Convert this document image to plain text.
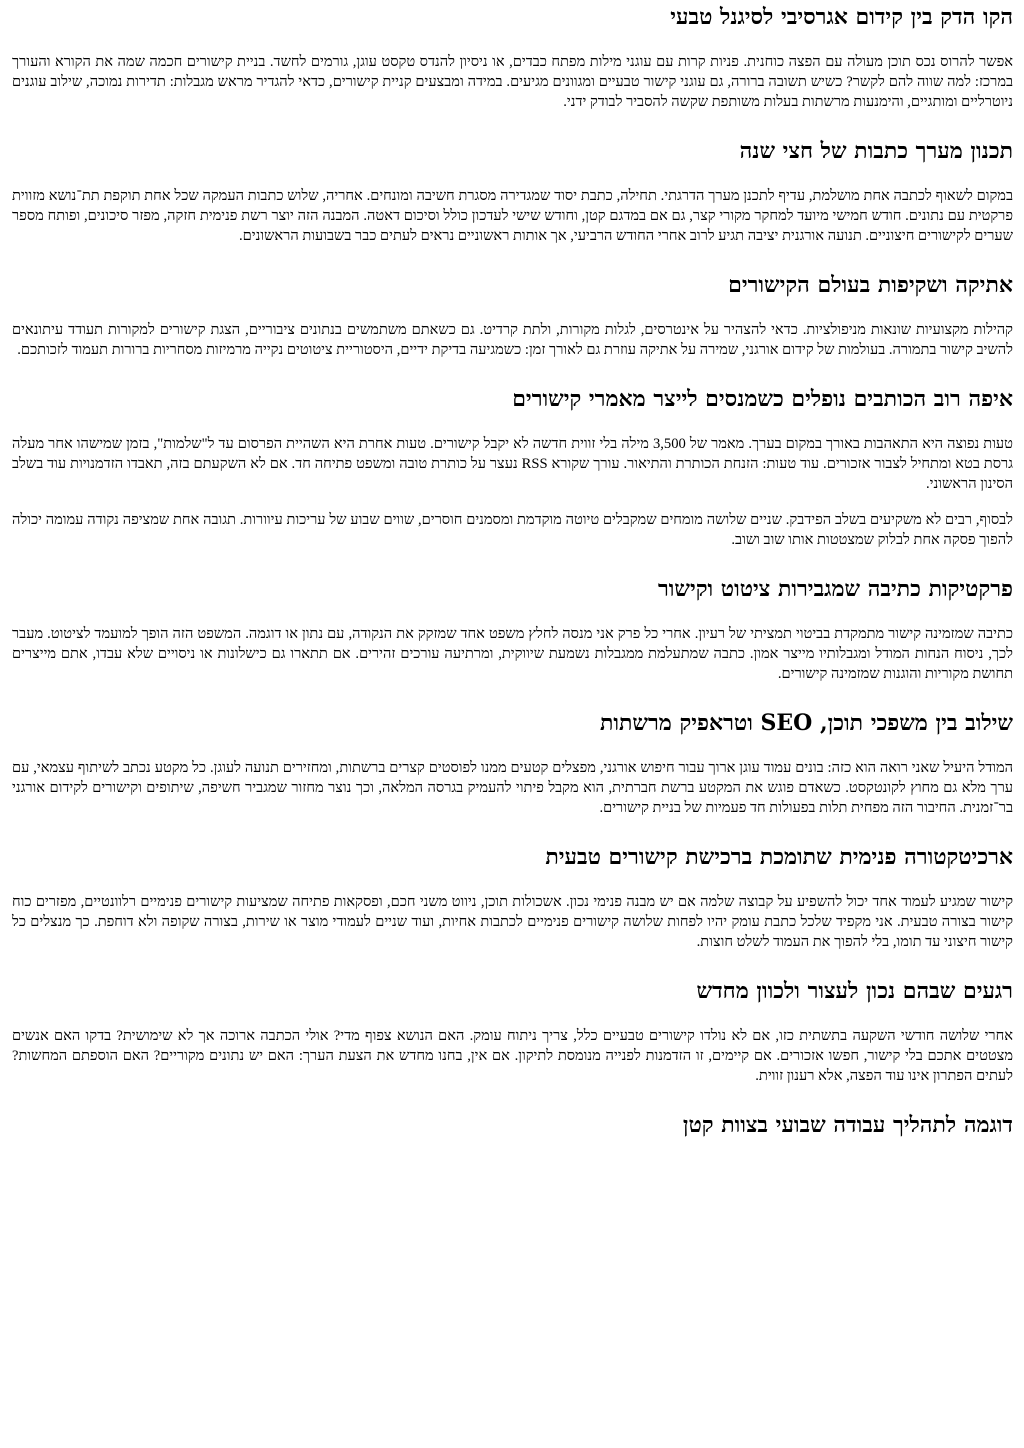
הקו הדק בין קידום אגרסיבי לסיגנל טבעי

אפשר להרוס נכס תוכן מעולה עם הפצה כוחנית. פניות קרות עם עוגני מילות מפתח כבדים, או ניסיון להנדס טקסט עוגן, גורמים לחשד. בניית קישורים חכמה שמה את הקורא והעורך במרכז: למה שווה להם לקשר? כשיש תשובה ברורה, גם עוגני קישור טבעיים ומגוונים מגיעים. במידה ומבצעים קניית קישורים, כדאי להגדיר מראש מגבלות: תדירות נמוכה, שילוב עוגנים ניוטרליים ומותגיים, והימנעות מרשתות בעלות משותפת שקשה להסביר לבודק ידני.

תכנון מערך כתבות של חצי שנה

במקום לשאוף לכתבה אחת מושלמת, עדיף לתכנן מערך הדרגתי. תחילה, כתבת יסוד שמגדירה מסגרת חשיבה ומונחים. אחריה, שלוש כתבות העמקה שכל אחת תוקפת תת־נושא מזווית פרקטית עם נתונים. חודש חמישי מיועד למחקר מקורי קצר, גם אם במדגם קטן, וחודש שישי לעדכון כולל וסיכום דאטה. המבנה הזה יוצר רשת פנימית חזקה, מפזר סיכונים, ופותח מספר שערים לקישורים חיצוניים. תנועה אורגנית יציבה תגיע לרוב אחרי החודש הרביעי, אך אותות ראשוניים נראים לעתים כבר בשבועות הראשונים.

אתיקה ושקיפות בעולם הקישורים

קהילות מקצועיות שונאות מניפולציות. כדאי להצהיר על אינטרסים, לגלות מקורות, ולתת קרדיט. גם כשאתם משתמשים בנתונים ציבוריים, הצגת קישורים למקורות תעודד עיתונאים להשיב קישור בתמורה. בעולמות של קידום אורגני, שמירה על אתיקה עוזרת גם לאורך זמן: כשמגיעה בדיקת ידיים, היסטוריית ציטוטים נקייה מרמיזות מסחריות ברורות תעמוד לזכותכם.

איפה רוב הכותבים נופלים כשמנסים לייצר מאמרי קישורים

טעות נפוצה היא התאהבות באורך במקום בערך. מאמר של 3,500 מילה בלי זווית חדשה לא יקבל קישורים. טעות אחרת היא השהיית הפרסום עד ל"שלמות", בזמן שמישהו אחר מעלה גרסת בטא ומתחיל לצבור אזכורים. עוד טעות: הזנחת הכותרת והתיאור. עורך שקורא RSS נעצר על כותרת טובה ומשפט פתיחה חד. אם לא השקעתם בזה, תאבדו הזדמנויות עוד בשלב הסינון הראשוני.

לבסוף, רבים לא משקיעים בשלב הפידבק. שניים שלושה מומחים שמקבלים טיוטה מוקדמת ומסמנים חוסרים, שווים שבוע של עריכות עיוורות. תגובה אחת שמציפה נקודה עמומה יכולה להפוך פסקה אחת לבלוק שמצטטות אותו שוב ושוב.

פרקטיקות כתיבה שמגבירות ציטוט וקישור

כתיבה שמזמינה קישור מתמקדת בביטוי תמציתי של רעיון. אחרי כל פרק אני מנסה לחלץ משפט אחד שמזקק את הנקודה, עם נתון או דוגמה. המשפט הזה הופך למועמד לציטוט. מעבר לכך, ניסוח הנחות המודל ומגבלותיו מייצר אמון. כתבה שמתעלמת ממגבלות נשמעת שיווקית, ומרתיעה עורכים זהירים. אם תתארו גם כישלונות או ניסויים שלא עבדו, אתם מייצרים תחושת מקוריות והוגנות שמזמינה קישורים.

שילוב בין משפכי תוכן, SEO וטראפיק מרשתות

המודל היעיל שאני רואה הוא כזה: בונים עמוד עוגן ארוך עבור חיפוש אורגני, מפצלים קטעים ממנו לפוסטים קצרים ברשתות, ומחזירים תנועה לעוגן. כל מקטע נכתב לשיתוף עצמאי, עם ערך מלא גם מחוץ לקונטקסט. כשאדם פוגש את המקטע ברשת חברתית, הוא מקבל פיתוי להעמיק בגרסה המלאה, וכך נוצר מחזור שמגביר חשיפה, שיתופים וקישורים לקידום אורגני בר־זמנית. החיבור הזה מפחית תלות בפעולות חד פעמיות של בניית קישורים.

ארכיטקטורה פנימית שתומכת ברכישת קישורים טבעית

קישור שמגיע לעמוד אחד יכול להשפיע על קבוצה שלמה אם יש מבנה פנימי נכון. אשכולות תוכן, ניווט משני חכם, ופסקאות פתיחה שמציעות קישורים פנימיים רלוונטיים, מפזרים כוח קישור בצורה טבעית. אני מקפיד שלכל כתבת עומק יהיו לפחות שלושה קישורים פנימיים לכתבות אחיות, ועוד שניים לעמודי מוצר או שירות, בצורה שקופה ולא דוחפת. כך מנצלים כל קישור חיצוני עד תומו, בלי להפוך את העמוד לשלט חוצות.

רגעים שבהם נכון לעצור ולכוון מחדש

אחרי שלושה חודשי השקעה בתשתית כזו, אם לא נולדו קישורים טבעיים כלל, צריך ניתוח עומק. האם הנושא צפוף מדי? אולי הכתבה ארוכה אך לא שימושית? בדקו האם אנשים מצטטים אתכם בלי קישור, חפשו אזכורים. אם קיימים, זו הזדמנות לפנייה מנומסת לתיקון. אם אין, בחנו מחדש את הצעת הערך: האם יש נתונים מקוריים? האם הוספתם המחשות? לעתים הפתרון אינו עוד הפצה, אלא רענון זווית.

דוגמה לתהליך עבודה שבועי בצוות קטן
